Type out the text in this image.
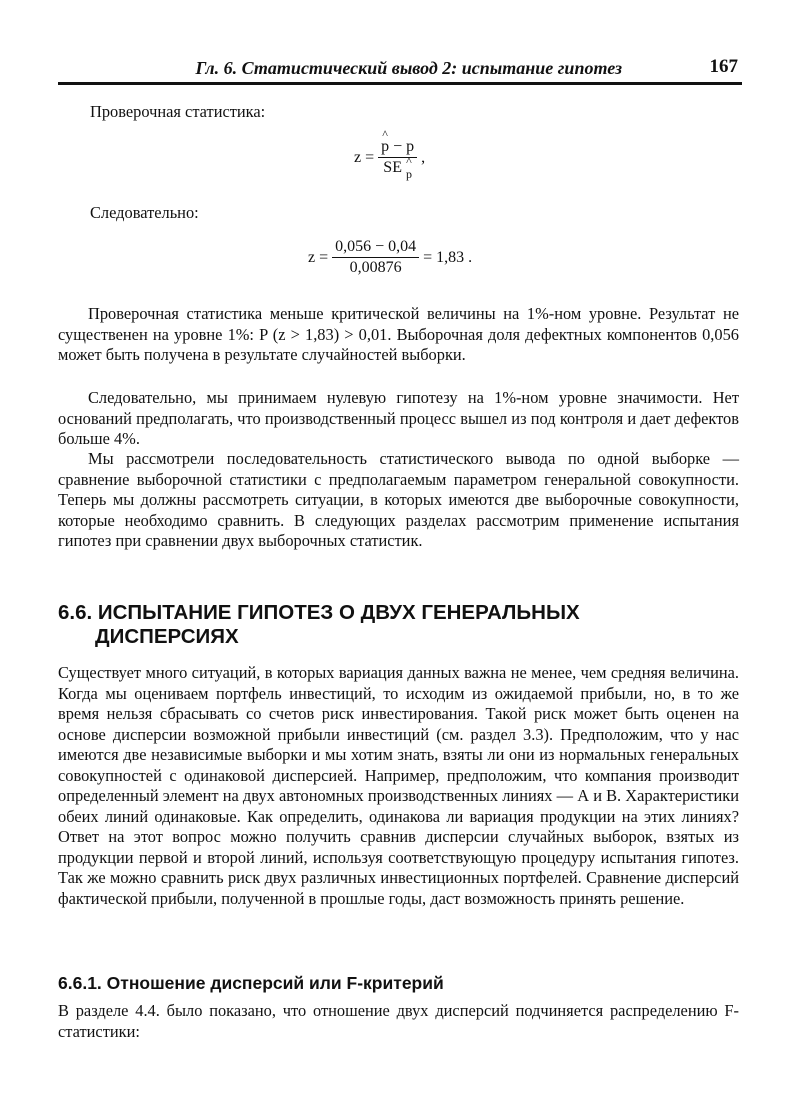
Гл. 6. Статистический вывод 2: испытание гипотез	167
Проверочная статистика:
z = ^ $\frac{p - p}{SE \^{} p}$ ,
Следовательно:
$z = \frac{0,056 - 0,04}{0,00876} = 1,83$ .

Проверочная статистика меньше критической величины на 1%-ном уровне. Результат не существенен на уровне 1%: P (z > 1,83) > 0,01. Выборочная доля дефектных компонентов 0,056 может быть получена в результате случайностей выборки.

Следовательно, мы принимаем нулевую гипотезу на 1%-ном уровне значимости. Нет оснований предполагать, что производственный процесс вышел из под контроля и дает дефектов больше 4%.

Мы рассмотрели последовательность статистического вывода по одной выборке — сравнение выборочной статистики с предполагаемым параметром генеральной совокупности. Теперь мы должны рассмотреть ситуации, в которых имеются две выборочные совокупности, которые необходимо сравнить. В следующих разделах рассмотрим применение испытания гипотез при сравнении двух выборочных статистик.

6.6. ИСПЫТАНИЕ ГИПОТЕЗ О ДВУХ ГЕНЕРАЛЬНЫХ
ДИСПЕРСИЯХ

Существует много ситуаций, в которых вариация данных важна не менее, чем средняя величина. Когда мы оцениваем портфель инвестиций, то исходим из ожидаемой прибыли, но, в то же время нельзя сбрасывать со счетов риск инвестирования. Такой риск может быть оценен на основе дисперсии возможной прибыли инвестиций (см. раздел 3.3). Предположим, что у нас имеются две независимые выборки и мы хотим знать, взяты ли они из нормальных генеральных совокупностей с одинаковой дисперсией. Например, предположим, что компания производит определенный элемент на двух автономных производственных линиях — А и В. Характеристики обеих линий одинаковые. Как определить, одинакова ли вариация продукции на этих линиях? Ответ на этот вопрос можно получить сравнив дисперсии случайных выборок, взятых из продукции первой и второй линий, используя соответствующую процедуру испытания гипотез. Так же можно сравнить риск двух различных инвестиционных портфелей. Сравнение дисперсий фактической прибыли, полученной в прошлые годы, даст возможность принять решение.

6.6.1. Отношение дисперсий или F-критерий

В разделе 4.4. было показано, что отношение двух дисперсий подчиняется распределению F-статистики:
